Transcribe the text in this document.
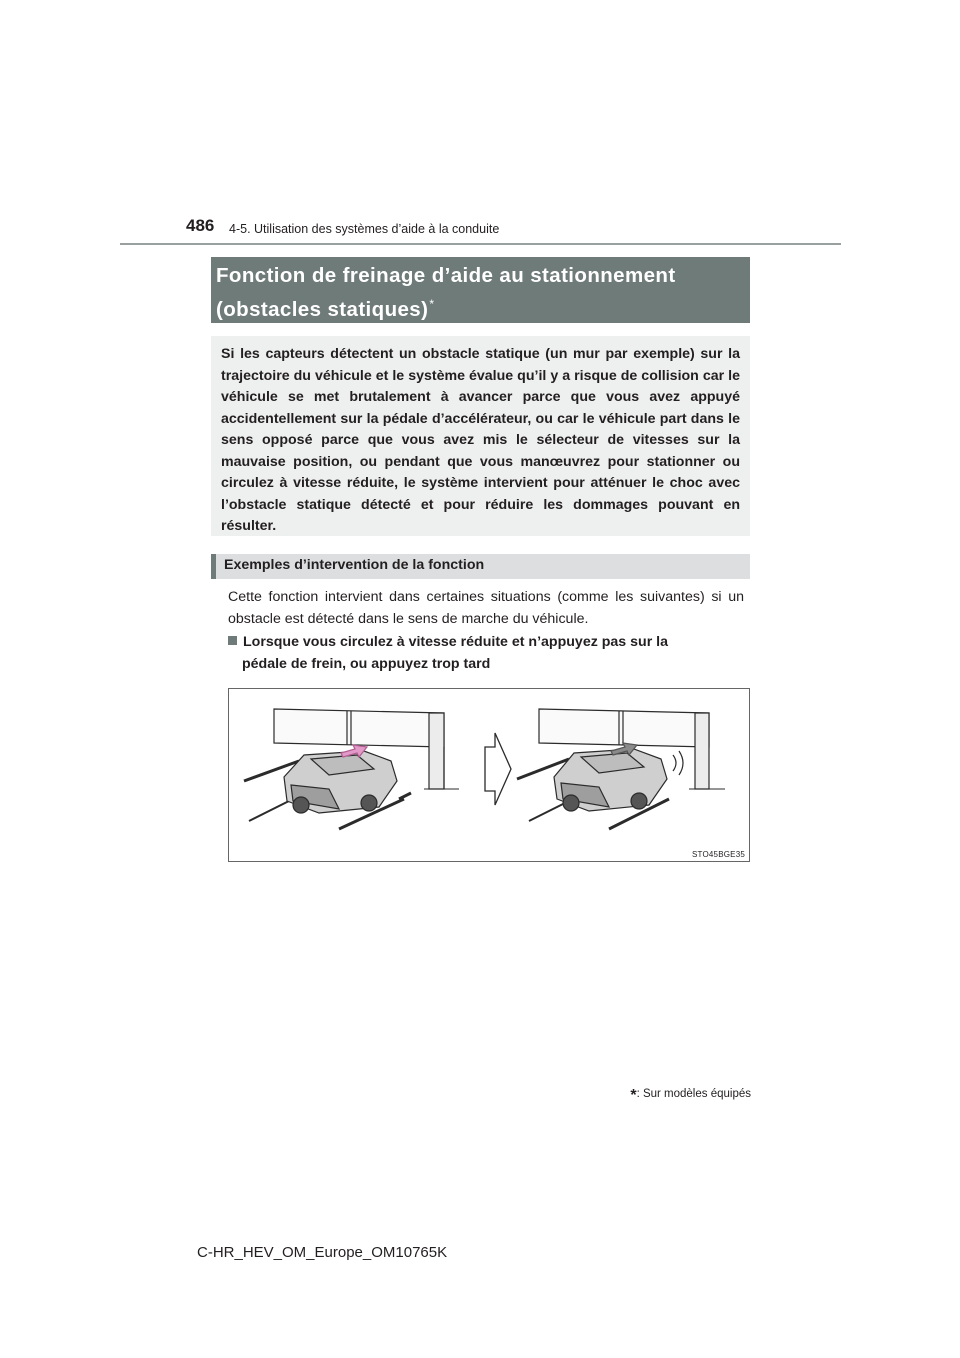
486 4-5. Utilisation des systèmes d’aide à la conduite
Fonction de freinage d’aide au stationnement
(obstacles statiques)*
Si les capteurs détectent un obstacle statique (un mur par exemple) sur la trajectoire du véhicule et le système évalue qu’il y a risque de collision car le véhicule se met brutalement à avancer parce que vous avez appuyé accidentellement sur la pédale d’accélérateur, ou car le véhicule part dans le sens opposé parce que vous avez mis le sélecteur de vitesses sur la mauvaise position, ou pendant que vous manœuvrez pour stationner ou circulez à vitesse réduite, le système intervient pour atténuer le choc avec l’obstacle statique détecté et pour réduire les dommages pouvant en résulter.
Exemples d’intervention de la fonction
Cette fonction intervient dans certaines situations (comme les suivantes) si un obstacle est détecté dans le sens de marche du véhicule.
Lorsque vous circulez à vitesse réduite et n’appuyez pas sur la
pédale de frein, ou appuyez trop tard
STO45BGE35
*: Sur modèles équipés
C-HR_HEV_OM_Europe_OM10765K
